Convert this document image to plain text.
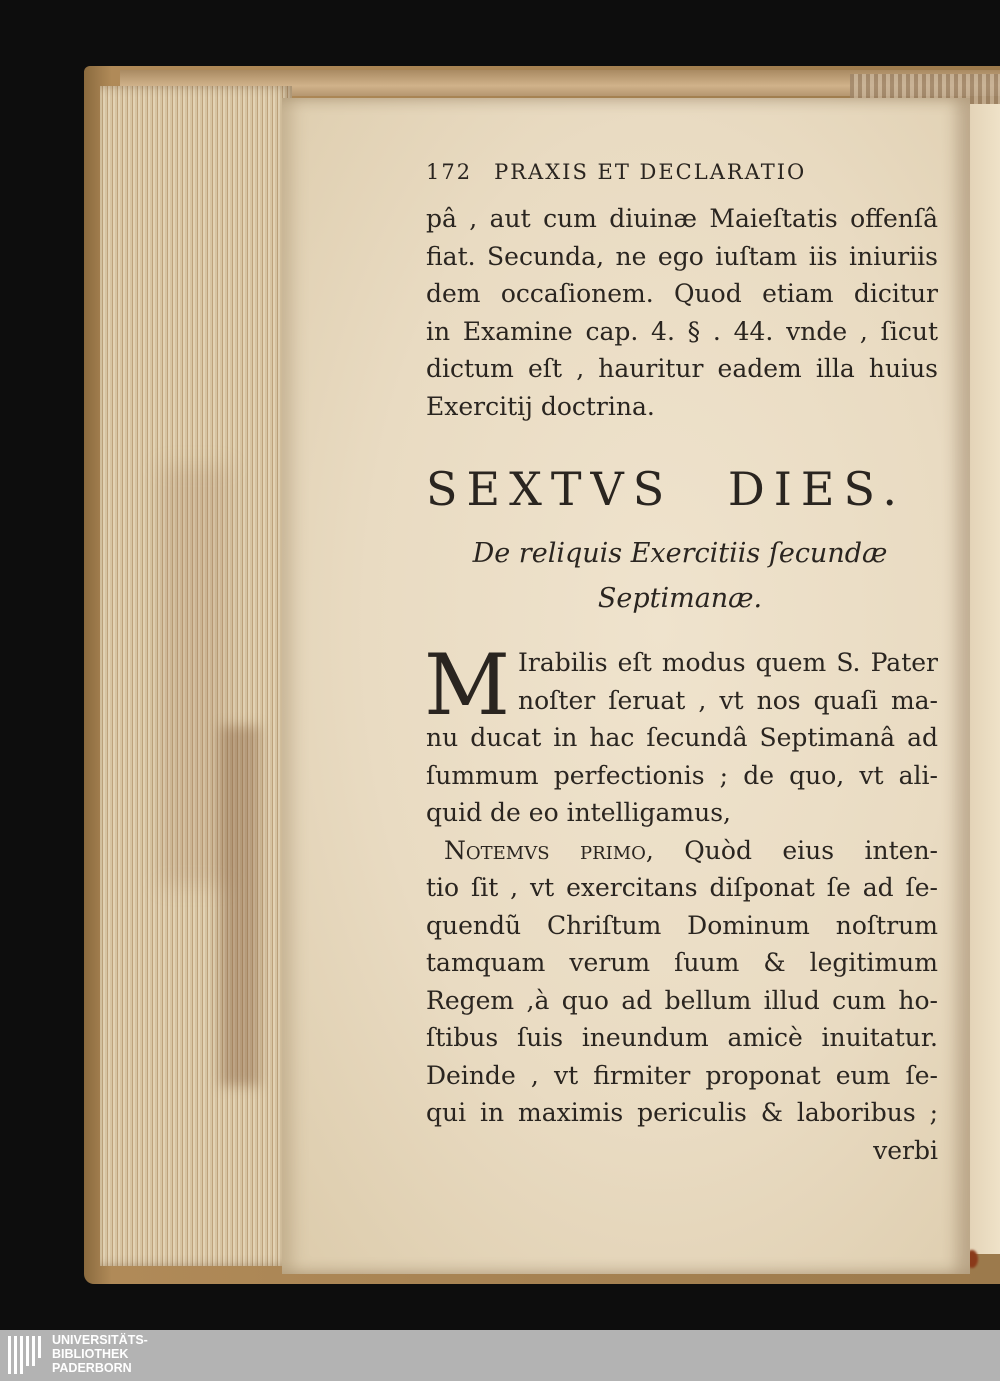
172 PRAXIS ET DECLARATIO
pâ , aut cum diuinæ Maieſtatis offenſâ
fiat. Secunda, ne ego iuſtam iis iniuriis
dem occaſionem. Quod etiam dicitur
in Examine cap. 4. § . 44. vnde , ſicut
dictum eſt , hauritur eadem illa huius
Exercitij doctrina.
SEXTVS DIES.
De reliquis Exercitiis ſecundæ
Septimanæ.
M Irabilis eſt modus quem S. Pater
noſter ſeruat , vt nos quaſi ma-
nu ducat in hac ſecundâ Septimanâ ad
ſummum perfectionis ; de quo, vt ali-
quid de eo intelligamus,
Notemvs primo, Quòd eius inten-
tio ſit , vt exercitans diſponat ſe ad ſe-
quendũ Chriſtum Dominum noſtrum
tamquam verum ſuum & legitimum
Regem ,à quo ad bellum illud cum ho-
ſtibus ſuis ineundum amicè inuitatur.
Deinde , vt firmiter proponat eum ſe-
qui in maximis periculis & laboribus ;
verbi
UNIVERSITÄTS-
BIBLIOTHEK
PADERBORN
